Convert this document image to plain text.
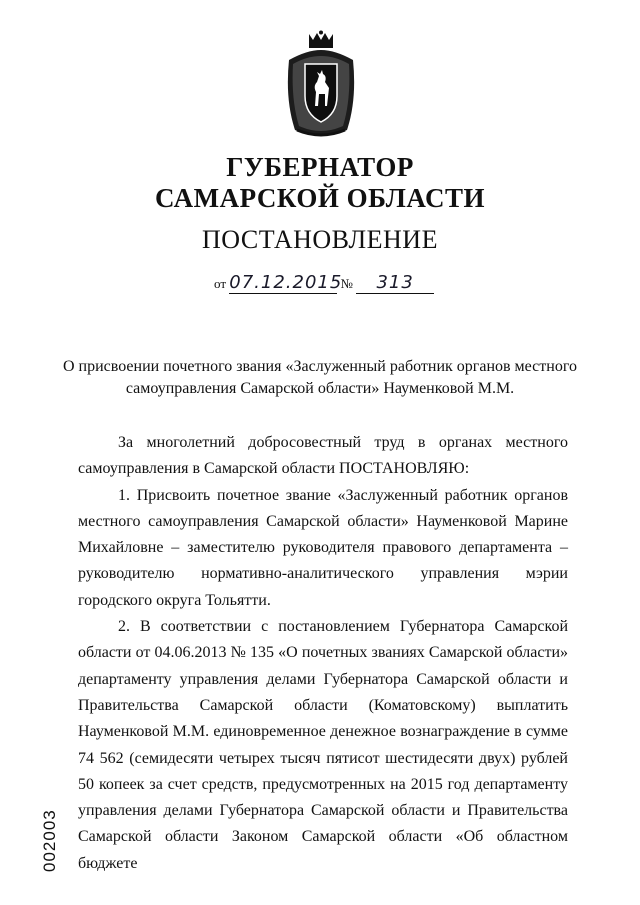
ГУБЕРНАТОР
САМАРСКОЙ ОБЛАСТИ
ПОСТАНОВЛЕНИЕ
от 07.12.2015 № 313
О присвоении почетного звания «Заслуженный работник органов местного самоуправления Самарской области» Науменковой М.М.

За многолетний добросовестный труд в органах местного самоуправления в Самарской области ПОСТАНОВЛЯЮ:

1. Присвоить почетное звание «Заслуженный работник органов местного самоуправления Самарской области» Науменковой Марине Михайловне – заместителю руководителя правового департамента – руководителю нормативно-аналитического управления мэрии городского округа Тольятти.

2. В соответствии с постановлением Губернатора Самарской области от 04.06.2013 № 135 «О почетных званиях Самарской области» департаменту управления делами Губернатора Самарской области и Правительства Самарской области (Коматовскому) выплатить Науменковой М.М. единовременное денежное вознаграждение в сумме 74 562 (семидесяти четырех тысяч пятисот шестидесяти двух) рублей 50 копеек за счет средств, предусмотренных на 2015 год департаменту управления делами Губернатора Самарской области и Правительства Самарской области Законом Самарской области «Об областном бюджете

002003
